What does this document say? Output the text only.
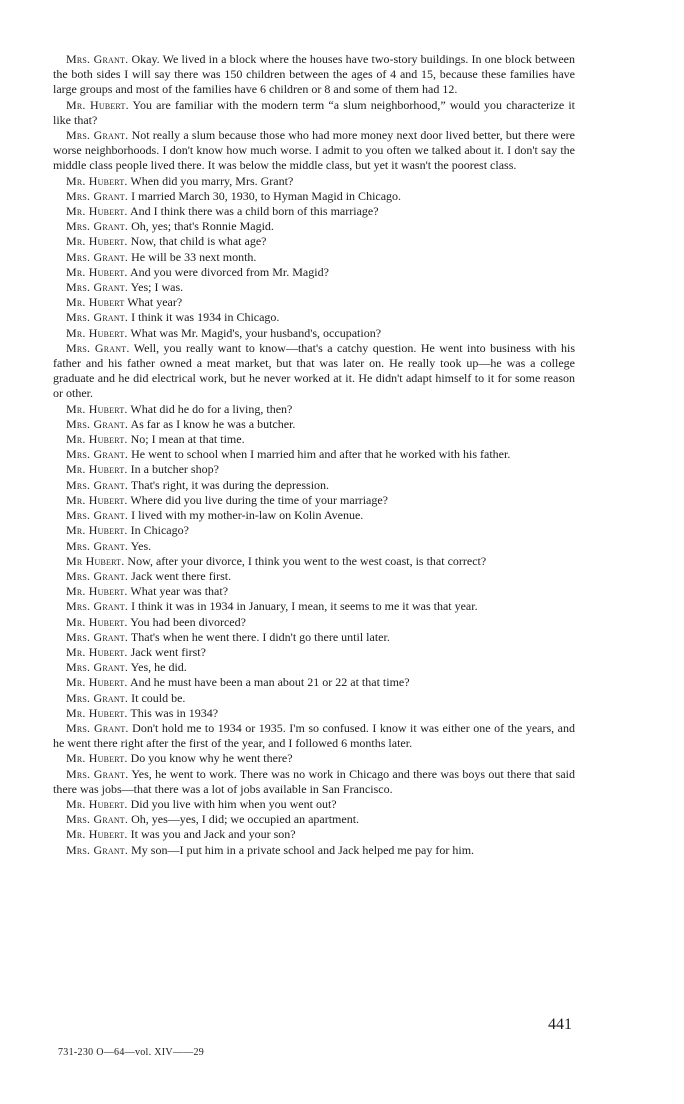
Mrs. Grant. Okay. We lived in a block where the houses have two-story buildings. In one block between the both sides I will say there was 150 children between the ages of 4 and 15, because these families have large groups and most of the families have 6 children or 8 and some of them had 12.

Mr. Hubert. You are familiar with the modern term “a slum neighborhood,” would you characterize it like that?

Mrs. Grant. Not really a slum because those who had more money next door lived better, but there were worse neighborhoods. I don't know how much worse. I admit to you often we talked about it. I don't say the middle class people lived there. It was below the middle class, but yet it wasn't the poorest class.

Mr. Hubert. When did you marry, Mrs. Grant?

Mrs. Grant. I married March 30, 1930, to Hyman Magid in Chicago.

Mr. Hubert. And I think there was a child born of this marriage?

Mrs. Grant. Oh, yes; that's Ronnie Magid.

Mr. Hubert. Now, that child is what age?

Mrs. Grant. He will be 33 next month.

Mr. Hubert. And you were divorced from Mr. Magid?

Mrs. Grant. Yes; I was.

Mr. Hubert What year?

Mrs. Grant. I think it was 1934 in Chicago.

Mr. Hubert. What was Mr. Magid's, your husband's, occupation?

Mrs. Grant. Well, you really want to know—that's a catchy question. He went into business with his father and his father owned a meat market, but that was later on. He really took up—he was a college graduate and he did electrical work, but he never worked at it. He didn't adapt himself to it for some reason or other.

Mr. Hubert. What did he do for a living, then?

Mrs. Grant. As far as I know he was a butcher.

Mr. Hubert. No; I mean at that time.

Mrs. Grant. He went to school when I married him and after that he worked with his father.

Mr. Hubert. In a butcher shop?

Mrs. Grant. That's right, it was during the depression.

Mr. Hubert. Where did you live during the time of your marriage?

Mrs. Grant. I lived with my mother-in-law on Kolin Avenue.

Mr. Hubert. In Chicago?

Mrs. Grant. Yes.

Mr Hubert. Now, after your divorce, I think you went to the west coast, is that correct?

Mrs. Grant. Jack went there first.

Mr. Hubert. What year was that?

Mrs. Grant. I think it was in 1934 in January, I mean, it seems to me it was that year.

Mr. Hubert. You had been divorced?

Mrs. Grant. That's when he went there. I didn't go there until later.

Mr. Hubert. Jack went first?

Mrs. Grant. Yes, he did.

Mr. Hubert. And he must have been a man about 21 or 22 at that time?

Mrs. Grant. It could be.

Mr. Hubert. This was in 1934?

Mrs. Grant. Don't hold me to 1934 or 1935. I'm so confused. I know it was either one of the years, and he went there right after the first of the year, and I followed 6 months later.

Mr. Hubert. Do you know why he went there?

Mrs. Grant. Yes, he went to work. There was no work in Chicago and there was boys out there that said there was jobs—that there was a lot of jobs available in San Francisco.

Mr. Hubert. Did you live with him when you went out?

Mrs. Grant. Oh, yes—yes, I did; we occupied an apartment.

Mr. Hubert. It was you and Jack and your son?

Mrs. Grant. My son—I put him in a private school and Jack helped me pay for him.

441
731-230 O—64—vol. XIV——29
